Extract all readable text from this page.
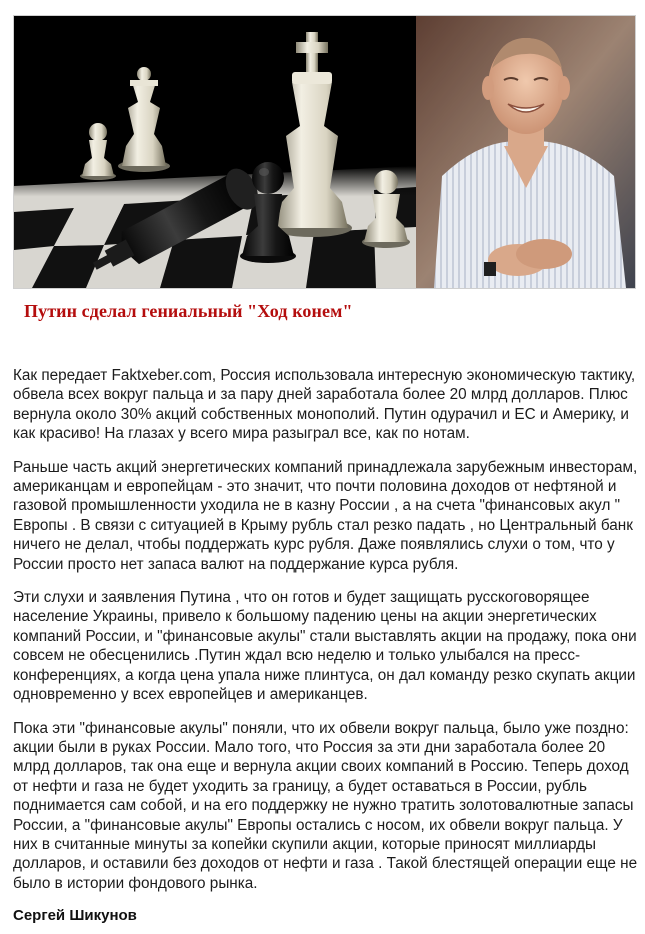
Путин сделал гениальный "Ход конем"

Как передает Faktxeber.com, Россия использовала интересную экономическую тактику, обвела всех вокруг пальца и за пару дней заработала более 20 млрд долларов. Плюс вернула около 30% акций собственных монополий. Путин одурачил и ЕС и Америку, и как красиво! На глазах у всего мира разыграл все, как по нотам.

Раньше часть акций энергетических компаний принадлежала зарубежным инвесторам, американцам и европейцам - это значит, что почти половина доходов от нефтяной и газовой промышленности уходила не в казну России , а на счета "финансовых акул " Европы . В связи с ситуацией в Крыму рубль стал резко падать , но Центральный банк ничего не делал, чтобы поддержать курс рубля. Даже появлялись слухи о том, что у России просто нет запаса валют на поддержание курса рубля.

Эти слухи и заявления Путина , что он готов и будет защищать русскоговорящее население Украины, привело к большому падению цены на акции энергетических компаний России, и "финансовые акулы" стали выставлять акции на продажу, пока они совсем не обесценились .Путин ждал всю неделю и только улыбался на пресс-конференциях, а когда цена упала ниже плинтуса, он дал команду резко скупать акции одновременно у всех европейцев и американцев.

Пока эти "финансовые акулы" поняли, что их обвели вокруг пальца, было уже поздно: акции были в руках России. Мало того, что Россия за эти дни заработала более 20 млрд долларов, так она еще и вернула акции своих компаний в Россию. Теперь доход от нефти и газа не будет уходить за границу, а будет оставаться в России, рубль поднимается сам собой, и на его поддержку не нужно тратить золотовалютные запасы России, а "финансовые акулы" Европы остались с носом, их обвели вокруг пальца. У них в считанные минуты за копейки скупили акции, которые приносят миллиарды долларов, и оставили без доходов от нефти и газа . Такой блестящей операции еще не было в истории фондового рынка.

Сергей Шикунов
